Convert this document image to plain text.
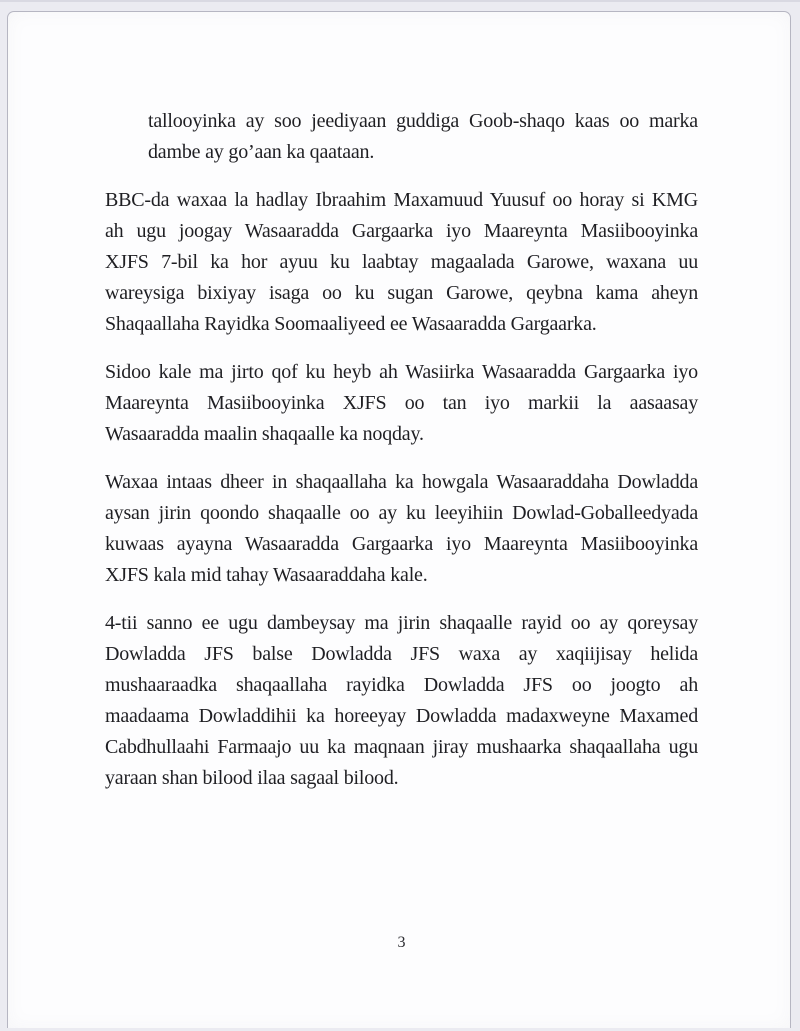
tallooyinka ay soo jeediyaan guddiga Goob-shaqo kaas oo marka
dambe ay go’aan ka qaataan.
BBC-da waxaa la hadlay Ibraahim Maxamuud Yuusuf oo horay si KMG
ah ugu joogay Wasaaradda Gargaarka iyo Maareynta Masiibooyinka
XJFS 7-bil ka hor ayuu ku laabtay magaalada Garowe, waxana uu
wareysiga bixiyay isaga oo ku sugan Garowe, qeybna kama aheyn
Shaqaallaha Rayidka Soomaaliyeed ee Wasaaradda Gargaarka.
Sidoo kale ma jirto qof ku heyb ah Wasiirka Wasaaradda Gargaarka iyo
Maareynta Masiibooyinka XJFS oo tan iyo markii la aasaasay
Wasaaradda maalin shaqaalle ka noqday.
Waxaa intaas dheer in shaqaallaha ka howgala Wasaaraddaha Dowladda
aysan jirin qoondo shaqaalle oo ay ku leeyihiin Dowlad-Goballeedyada
kuwaas ayayna Wasaaradda Gargaarka iyo Maareynta Masiibooyinka
XJFS kala mid tahay Wasaaraddaha kale.
4-tii sanno ee ugu dambeysay ma jirin shaqaalle rayid oo ay qoreysay
Dowladda JFS balse Dowladda JFS waxa ay xaqiijisay helida
mushaaraadka shaqaallaha rayidka Dowladda JFS oo joogto ah
maadaama Dowladdihii ka horeeyay Dowladda madaxweyne Maxamed
Cabdhullaahi Farmaajo uu ka maqnaan jiray mushaarka shaqaallaha ugu
yaraan shan bilood ilaa sagaal bilood.
3
